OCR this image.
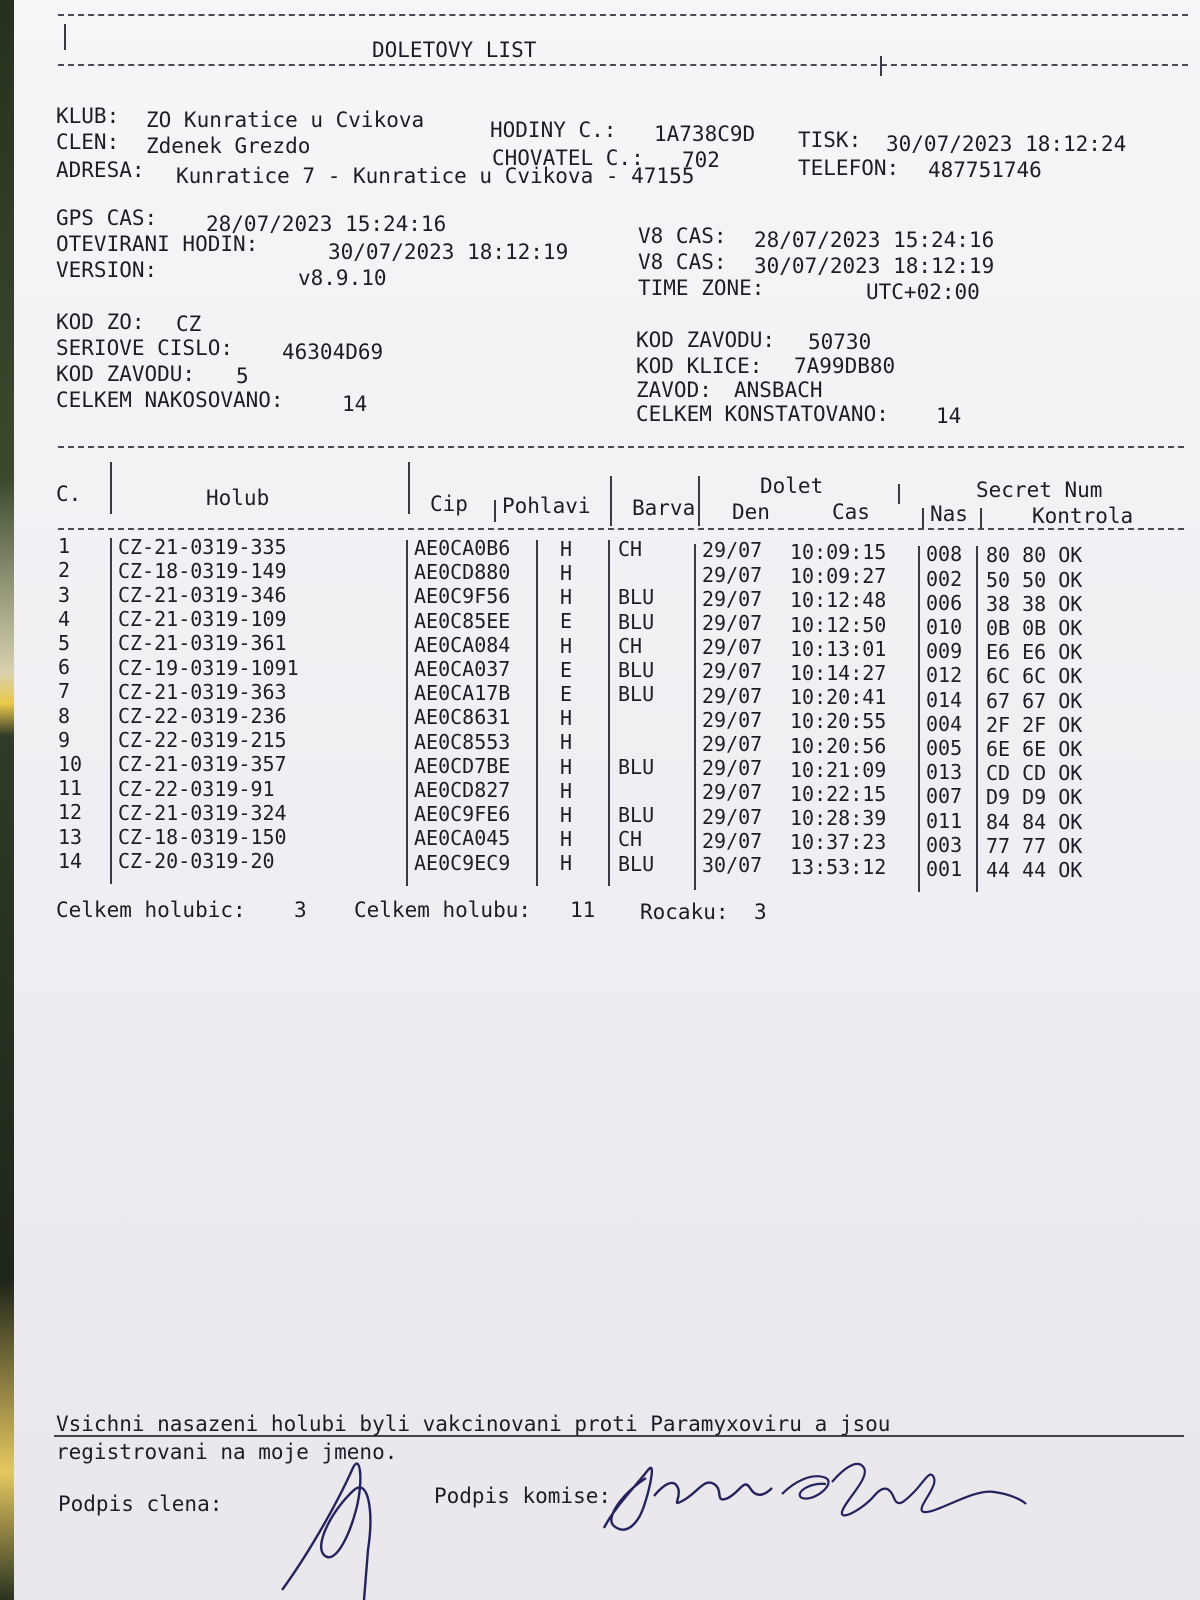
DOLETOVY LIST
KLUB: ZO Kunratice u Cvikova	HODINY C.: 1A738C9D TISK: 30/07/2023 18:12:24
CLEN: Zdenek Grezdo	CHOVATEL C.: 702	TELEFON: 487751746
ADRESA: Kunratice 7 - Kunratice u Cvikova - 47155
GPS CAS: 28/07/2023 15:24:16
OTEVIRANI HODIN:	30/07/2023 18:12:19
VERSION:	v8.9.10
V8 CAS: 28/07/2023 15:24:16
V8 CAS: 30/07/2023 18:12:19
TIME ZONE:	UTC+02:00
KOD ZO: CZ
SERIOVE CISLO: 46304D69
KOD ZAVODU: 5
CELKEM NAKOSOVANO:	14
KOD ZAVODU: 50730
KOD KLICE: 7A99DB80
ZAVOD: ANSBACH
CELKEM KONSTATOVANO: 14
C.	Holub	Cip Pohlavi Barva
Dolet
Den	Cas
Secret Num
Nas	Kontrola
1 CZ-21-0319-335	AE0CA0B6 H CH	29/07 10:09:15 008 80 80 OK
2 CZ-18-0319-149	AE0CD880 H	29/07 10:09:27 002 50 50 OK
3 CZ-21-0319-346	AE0C9F56 H BLU 29/07 10:12:48 006 38 38 OK
4 CZ-21-0319-109	AE0C85EE E BLU 29/07 10:12:50 010 0B 0B OK
5 CZ-21-0319-361	AE0CA084 H CH	29/07 10:13:01 009 E6 E6 OK
6 CZ-19-0319-1091	AE0CA037 E BLU 29/07 10:14:27 012 6C 6C OK
7 CZ-21-0319-363	AE0CA17B E BLU 29/07 10:20:41 014 67 67 OK
8 CZ-22-0319-236	AE0C8631 H	29/07 10:20:55 004 2F 2F OK
9 CZ-22-0319-215	AE0C8553 H	29/07 10:20:56 005 6E 6E OK
10 CZ-21-0319-357	AE0CD7BE H BLU 29/07 10:21:09 013 CD CD OK
11 CZ-22-0319-91	AE0CD827 H	29/07 10:22:15 007 D9 D9 OK
12 CZ-21-0319-324	AE0C9FE6 H BLU 29/07 10:28:39 011 84 84 OK
13 CZ-18-0319-150	AE0CA045 H CH	29/07 10:37:23 003 77 77 OK
14 CZ-20-0319-20	AE0C9EC9 H BLU 30/07 13:53:12 001 44 44 OK
Celkem holubic: 3 Celkem holubu: 11 Rocaku: 3
Vsichni nasazeni holubi byli vakcinovani proti Paramyxoviru a jsou
registrovani na moje jmeno.
Podpis clena:	Podpis komise:
